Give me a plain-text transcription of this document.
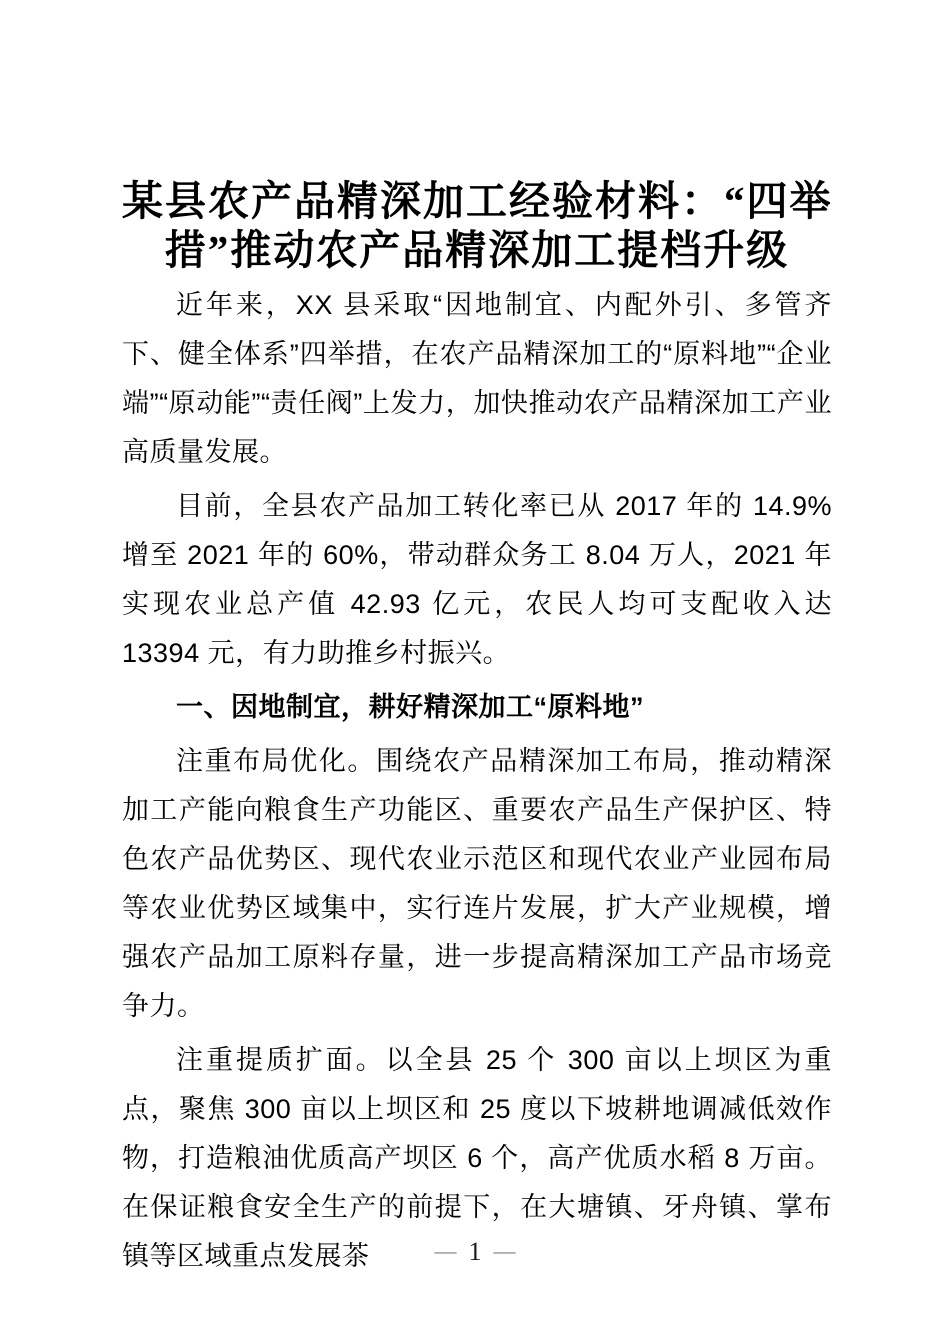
某县农产品精深加工经验材料：“四举
措”推动农产品精深加工提档升级

近年来，XX 县采取“因地制宜、内配外引、多管齐下、健全体系”四举措，在农产品精深加工的“原料地”“企业端”“原动能”“责任阀”上发力，加快推动农产品精深加工产业高质量发展。

目前，全县农产品加工转化率已从 2017 年的 14.9%增至 2021 年的 60%，带动群众务工 8.04 万人，2021 年实现农业总产值 42.93 亿元，农民人均可支配收入达 13394 元，有力助推乡村振兴。

一、因地制宜，耕好精深加工“原料地”

注重布局优化。围绕农产品精深加工布局，推动精深加工产能向粮食生产功能区、重要农产品生产保护区、特色农产品优势区、现代农业示范区和现代农业产业园布局等农业优势区域集中，实行连片发展，扩大产业规模，增强农产品加工原料存量，进一步提高精深加工产品市场竞争力。

注重提质扩面。以全县 25 个 300 亩以上坝区为重点，聚焦 300 亩以上坝区和 25 度以下坡耕地调减低效作物，打造粮油优质高产坝区 6 个，高产优质水稻 8 万亩。在保证粮食安全生产的前提下，在大塘镇、牙舟镇、掌布镇等区域重点发展茶	— 1 —
